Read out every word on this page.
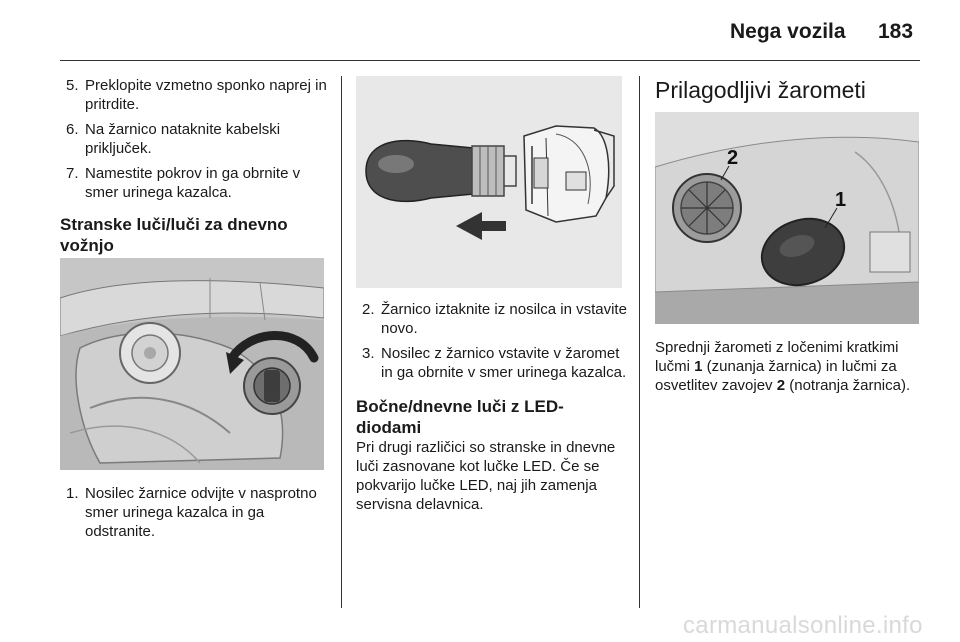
Nega vozila 183
5. Preklopite vzmetno sponko naprej in pritrdite.
6. Na žarnico nataknite kabelski priključek.
7. Namestite pokrov in ga obrnite v smer urinega kazalca.
Stranske luči/luči za dnevno vožnjo
1. Nosilec žarnice odvijte v nasprotno smer urinega kazalca in ga odstranite.
2. Žarnico iztaknite iz nosilca in vstavite novo.
3. Nosilec z žarnico vstavite v žaromet in ga obrnite v smer urinega kazalca.
Bočne/dnevne luči z LED-diodami

Pri drugi različici so stranske in dnevne luči zasnovane kot lučke LED. Če se pokvarijo lučke LED, naj jih zamenja servisna delavnica.

Prilagodljivi žarometi
2
1

Sprednji žarometi z ločenimi kratkimi lučmi 1 (zunanja žarnica) in lučmi za osvetlitev zavojev 2 (notranja žarnica).

carmanualsonline.info
